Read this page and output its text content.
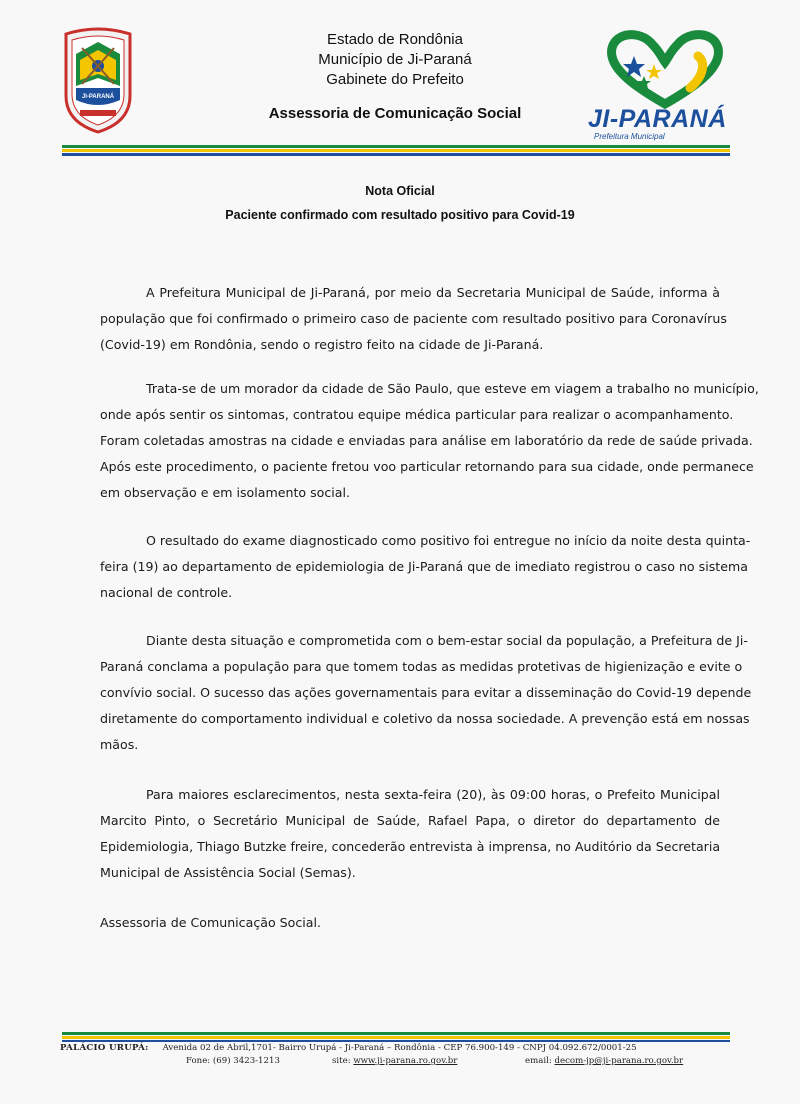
JI-PARANÁ
Estado de Rondônia
Município de Ji-Paraná
Gabinete do Prefeito
Assessoria de Comunicação Social	JI-PARANÁ
Prefeitura Municipal
Nota Oficial
Paciente confirmado com resultado positivo para Covid-19
A Prefeitura Municipal de Ji-Paraná, por meio da Secretaria Municipal de Saúde, informa à
população que foi confirmado o primeiro caso de paciente com resultado positivo para Coronavírus
(Covid-19) em Rondônia, sendo o registro feito na cidade de Ji-Paraná.
Trata-se de um morador da cidade de São Paulo, que esteve em viagem a trabalho no município,
onde após sentir os sintomas, contratou equipe médica particular para realizar o acompanhamento.
Foram coletadas amostras na cidade e enviadas para análise em laboratório da rede de saúde privada.
Após este procedimento, o paciente fretou voo particular retornando para sua cidade, onde permanece
em observação e em isolamento social.
O resultado do exame diagnosticado como positivo foi entregue no início da noite desta quinta-
feira (19) ao departamento de epidemiologia de Ji-Paraná que de imediato registrou o caso no sistema
nacional de controle.
Diante desta situação e comprometida com o bem-estar social da população, a Prefeitura de Ji-
Paraná conclama a população para que tomem todas as medidas protetivas de higienização e evite o
convívio social. O sucesso das ações governamentais para evitar a disseminação do Covid-19 depende
diretamente do comportamento individual e coletivo da nossa sociedade. A prevenção está em nossas
mãos.
Para maiores esclarecimentos, nesta sexta-feira (20), às 09:00 horas, o Prefeito Municipal
Marcito Pinto, o Secretário Municipal de Saúde, Rafael Papa, o diretor do departamento de
Epidemiologia, Thiago Butzke freire, concederão entrevista à imprensa, no Auditório da Secretaria
Municipal de Assistência Social (Semas).
Assessoria de Comunicação Social.
PALÁCIO URUPÁ: Avenida 02 de Abril,1701- Bairro Urupá - Ji-Paraná – Rondônia - CEP 76.900-149 - CNPJ 04.092.672/0001-25
Fone: (69) 3423-1213	site: www.ji-parana.ro.gov.br	email: decom-jp@ji-parana.ro.gov.br
